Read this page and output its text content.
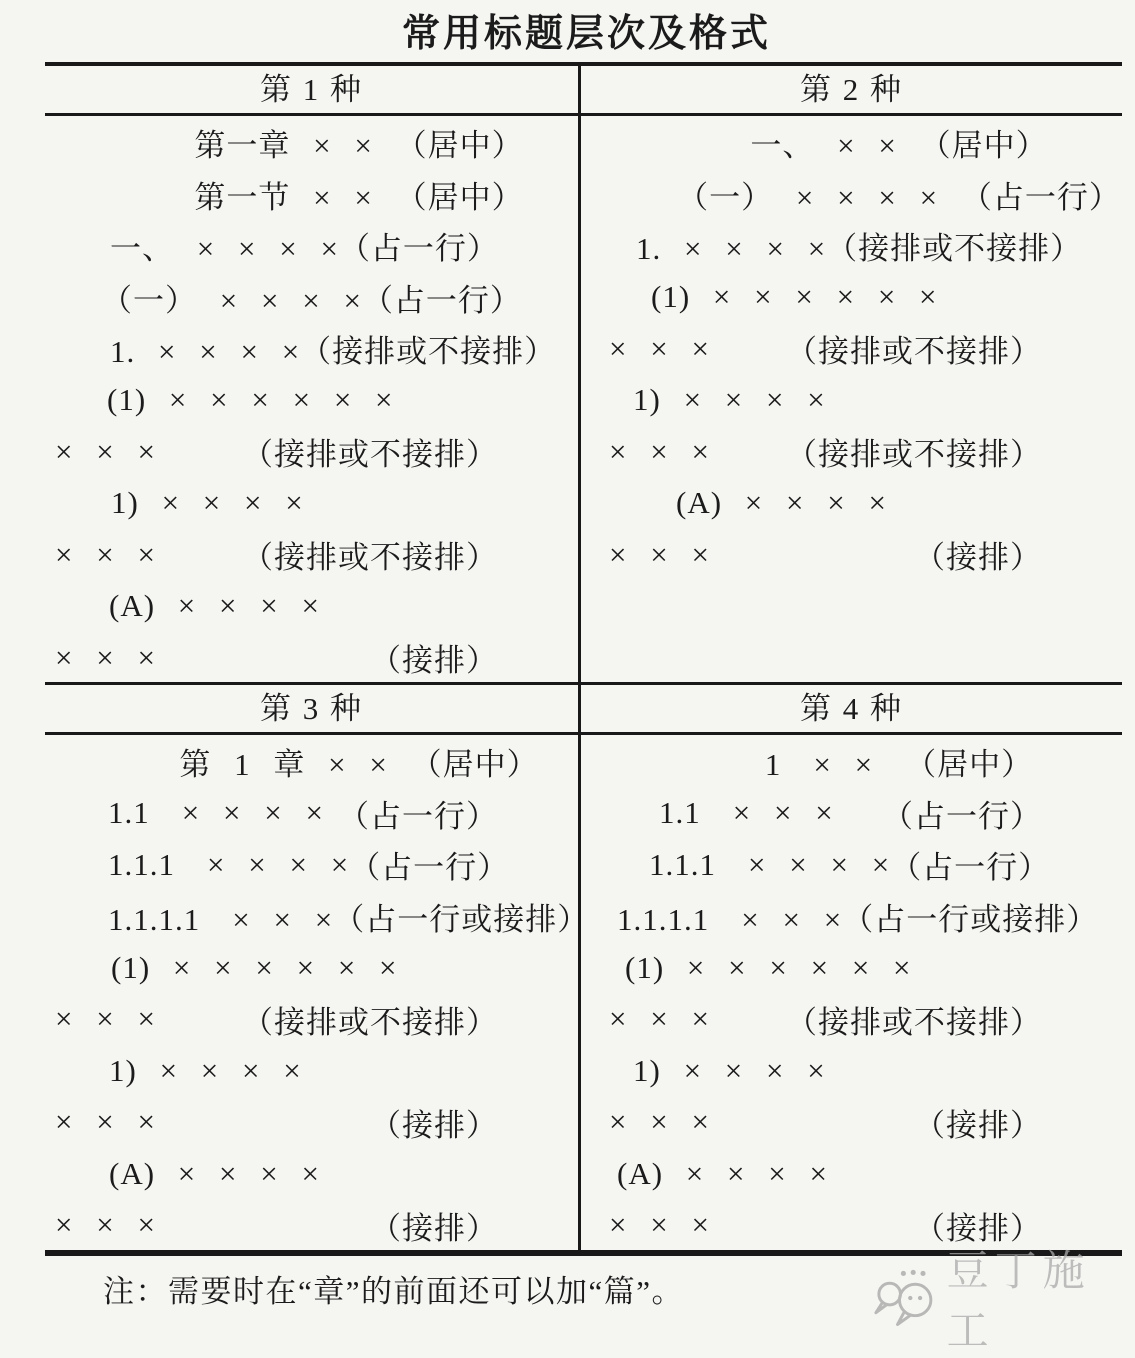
常用标题层次及格式
第 1 种	第 2 种
第一章 × × （居中）
第一节 × × （居中）
一、 × × × × （占一行）
（一） × × × × （占一行）
1. × × × ×（接排或不接排）
(1) × × × × × ×
× × ×	（接排或不接排）
1) × × × ×
× × ×	（接排或不接排）
(A) × × × ×
× × ×	（接排）
一、 × × （居中）
（一） × × × × （占一行）
1. × × × ×（接排或不接排）
(1) × × × × × ×
× × × （接排或不接排）
1) × × × ×
× × × （接排或不接排）
(A) × × × ×
× × ×	（接排）
第 3 种	第 4 种
第 1 章 × × （居中）
1.1 × × × × （占一行）
1.1.1 × × × × （占一行）
1.1.1.1 × × ×（占一行或接排）
(1) × × × × × ×
× × ×	（接排或不接排）
1) × × × ×
× × ×	（接排）
(A) × × × ×
× × ×	（接排）
1 × × （居中）
1.1 × × × （占一行）
1.1.1 × × × × （占一行）
1.1.1.1 × × ×（占一行或接排）
(1) × × × × × ×
× × × （接排或不接排）
1) × × × ×
× × ×	（接排）
(A) × × × ×
× × ×	（接排）
注：需要时在“章”的前面还可以加“篇”。	豆丁施工
